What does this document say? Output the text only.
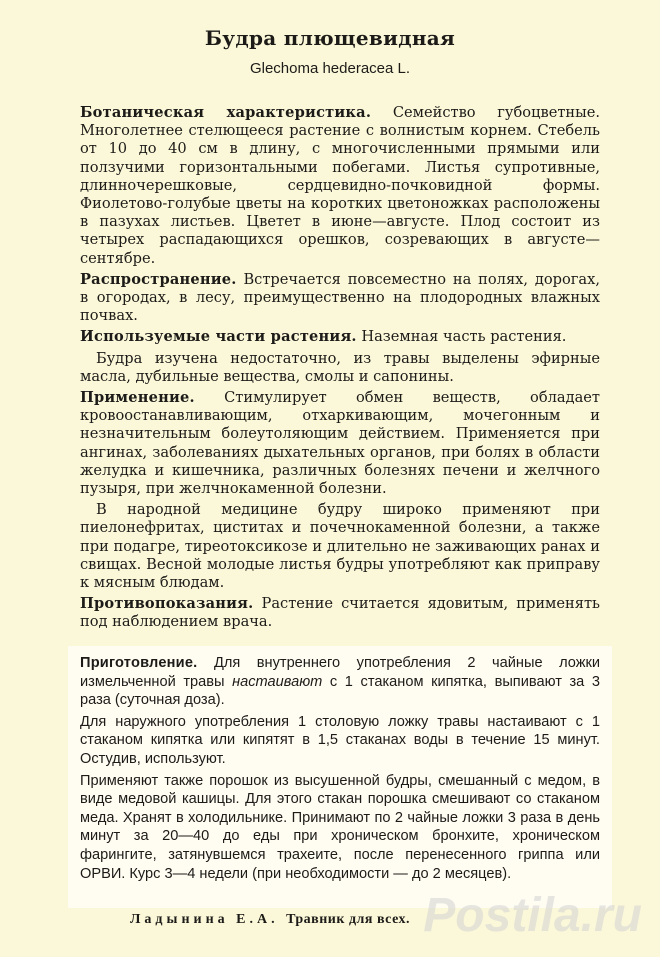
Будра плющевидная
Glechoma hederacea L.

Ботаническая характеристика. Семейство губоцветные. Многолетнее стелющееся растение с волнистым корнем. Стебель от 10 до 40 см в длину, с многочисленными прямыми или ползучими горизонтальными побегами. Листья супротивные, длинночерешковые, сердцевидно-почковидной формы. Фиолетово-голубые цветы на коротких цветоножках расположены в пазухах листьев. Цветет в июне—августе. Плод состоит из четырех распадающихся орешков, созревающих в августе—сентябре.

Распространение. Встречается повсеместно на полях, дорогах, в огородах, в лесу, преимущественно на плодородных влажных почвах.

Используемые части растения. Наземная часть растения.

Будра изучена недостаточно, из травы выделены эфирные масла, дубильные вещества, смолы и сапонины.

Применение. Стимулирует обмен веществ, обладает кровоостанавливающим, отхаркивающим, мочегонным и незначительным болеутоляющим действием. Применяется при ангинах, заболеваниях дыхательных органов, при болях в области желудка и кишечника, различных болезнях печени и желчного пузыря, при желчнокаменной болезни.

В народной медицине будру широко применяют при пиелонефритах, циститах и почечнокаменной болезни, а также при подагре, тиреотоксикозе и длительно не заживающих ранах и свищах. Весной молодые листья будры употребляют как приправу к мясным блюдам.

Противопоказания. Растение считается ядовитым, применять под наблюдением врача.

Приготовление. Для внутреннего употребления 2 чайные ложки измельченной травы настаивают с 1 стаканом кипятка, выпивают за 3 раза (суточная доза).

Для наружного употребления 1 столовую ложку травы настаивают с 1 стаканом кипятка или кипятят в 1,5 стаканах воды в течение 15 минут. Остудив, используют.

Применяют также порошок из высушенной будры, смешанный с медом, в виде медовой кашицы. Для этого стакан порошка смешивают со стаканом меда. Хранят в холодильнике. Принимают по 2 чайные ложки 3 раза в день минут за 20—40 до еды при хроническом бронхите, хроническом фарингите, затянувшемся трахеите, после перенесенного гриппа или ОРВИ. Курс 3—4 недели (при необходимости — до 2 месяцев).

Ладынина Е.А. Травник для всех. Postila.ru
